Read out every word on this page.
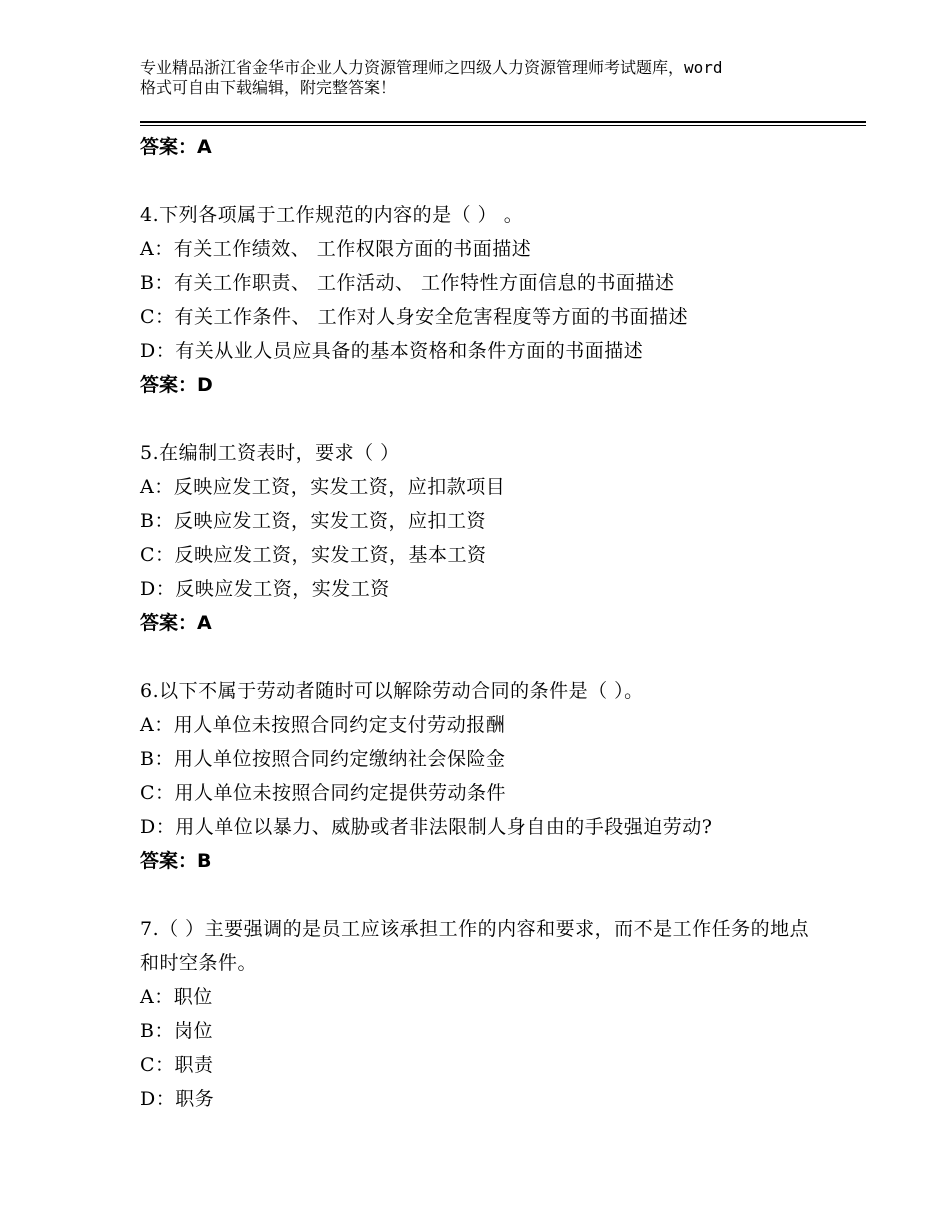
专业精品浙江省金华市企业人力资源管理师之四级人力资源管理师考试题库，word
格式可自由下载编辑，附完整答案！
答案：A
4.下列各项属于工作规范的内容的是（ ） 。
A：有关工作绩效、 工作权限方面的书面描述
B：有关工作职责、 工作活动、 工作特性方面信息的书面描述
C：有关工作条件、 工作对人身安全危害程度等方面的书面描述
D：有关从业人员应具备的基本资格和条件方面的书面描述
答案：D
5.在编制工资表时，要求（ ）
A：反映应发工资，实发工资，应扣款项目
B：反映应发工资，实发工资，应扣工资
C：反映应发工资，实发工资，基本工资
D：反映应发工资，实发工资
答案：A
6.以下不属于劳动者随时可以解除劳动合同的条件是（ ）。
A：用人单位未按照合同约定支付劳动报酬
B：用人单位按照合同约定缴纳社会保险金
C：用人单位未按照合同约定提供劳动条件
D：用人单位以暴力、威胁或者非法限制人身自由的手段强迫劳动?
答案：B
7.（ ）主要强调的是员工应该承担工作的内容和要求，而不是工作任务的地点和时空条件。
A：职位
B：岗位
C：职责
D：职务
